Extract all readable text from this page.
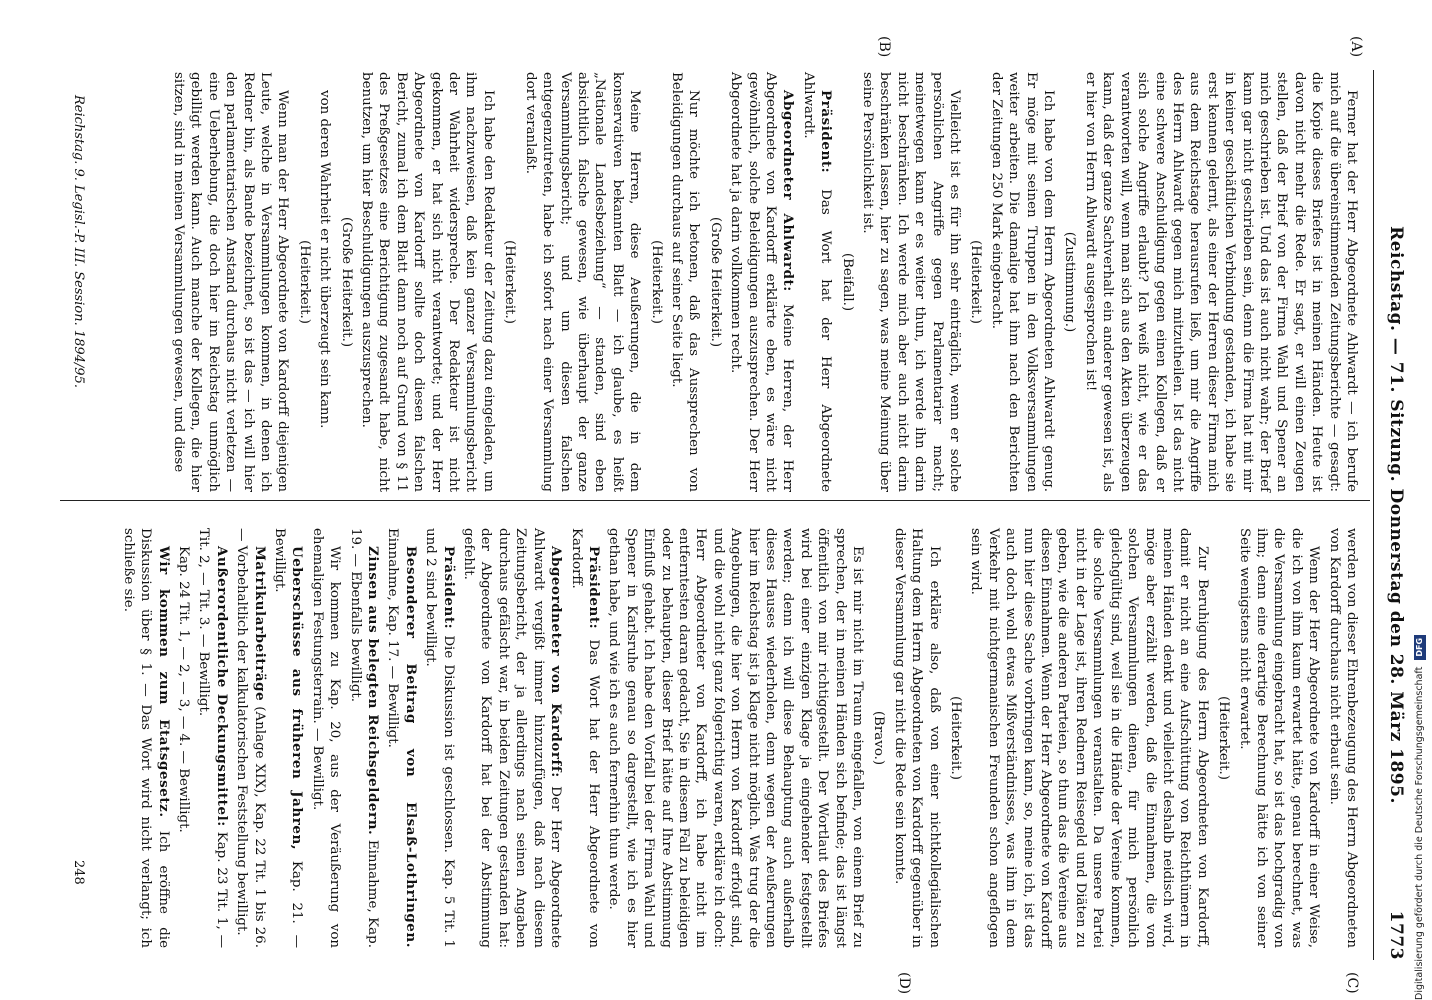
(A)
(B)
(C)
(D)
Reichstag. — 71. Sitzung. Donnerstag den 28. März 1895.
1773

Ferner hat der Herr Abgeordnete Ahlwardt — ich berufe mich auf die übereinstimmenden Zeitungsberichte — gesagt: die Kopie dieses Briefes ist in meinen Händen. Heute ist davon nicht mehr die Rede. Er sagt, er will einen Zeugen stellen, daß der Brief von der Firma Wahl und Spener an mich geschrieben ist. Und das ist auch nicht wahr; der Brief kann gar nicht geschrieben sein, denn die Firma hat mit mir in keiner geschäftlichen Verbindung gestanden, ich habe sie erst kennen gelernt, als einer der Herren dieser Firma mich aus dem Reichstage herausrufen ließ, um mir die Angriffe des Herrn Ahlwardt gegen mich mitzutheilen. Ist das nicht eine schwere Anschuldigung gegen einen Kollegen, daß er sich solche Angriffe erlaubt? Ich weiß nicht, wie er das verantworten will, wenn man sich aus den Akten überzeugen kann, daß der ganze Sachverhalt ein anderer gewesen ist, als er hier von Herrn Ahlwardt ausgesprochen ist!

(Zustimmung.)

Ich habe von dem Herrn Abgeordneten Ahlwardt genug. Er möge mit seinen Truppen in den Volksversammlungen weiter arbeiten. Die damalige hat ihm nach den Berichten der Zeitungen 250 Mark eingebracht.

(Heiterkeit.)

Vielleicht ist es für ihn sehr einträglich, wenn er solche persönlichen Angriffe gegen Parlamentarier macht; meinetwegen kann er es weiter thun, ich werde ihn darin nicht beschränken. Ich werde mich aber auch nicht darin beschränken lassen, hier zu sagen, was meine Meinung über seine Persönlichkeit ist.

(Beifall.)

Präsident: Das Wort hat der Herr Abgeordnete Ahlwardt.

Abgeordneter Ahlwardt: Meine Herren, der Herr Abgeordnete von Kardorff erklärte eben, es wäre nicht gewöhnlich, solche Beleidigungen auszusprechen. Der Herr Abgeordnete hat ja darin vollkommen recht.

(Große Heiterkeit.)

Nur möchte ich betonen, daß das Aussprechen von Beleidigungen durchaus auf seiner Seite liegt.

(Heiterkeit.)

Meine Herren, diese Aeußerungen, die in dem konservativen bekannten Blatt — ich glaube, es heißt „Nationale Landesbeziehung“ — standen, sind eben absichtlich falsche gewesen, wie überhaupt der ganze Versammlungsbericht; und um diesen falschen entgegenzutreten, habe ich sofort nach einer Versammlung dort veranlaßt.

(Heiterkeit.)

Ich habe den Redakteur der Zeitung dazu eingeladen, um ihm nachzuweisen, daß kein ganzer Versammlungsbericht der Wahrheit widerspreche. Der Redakteur ist nicht gekommen, er hat sich nicht verantwortet; und der Herr Abgeordnete von Kardorff sollte doch diesen falschen Bericht, zumal ich dem Blatt dann noch auf Grund von § 11 des Preßgesetzes eine Berichtigung zugesandt habe, nicht benutzen, um hier Beschuldigungen auszusprechen.

(Große Heiterkeit.)

von deren Wahrheit er nicht überzeugt sein kann.

(Heiterkeit.)

Wenn man der Herr Abgeordnete von Kardorff diejenigen Leute, welche in Versammlungen kommen, in denen ich Redner bin, als Bande bezeichnet, so ist das — ich will hier den parlamentarischen Anstand durchaus nicht verletzen — eine Ueberhebung, die doch hier im Reichstag unmöglich gebilligt werden kann. Auch manche der Kollegen, die hier sitzen, sind in meinen Versammlungen gewesen, und diese

werden von dieser Ehrenbezeugung des Herrn Abgeordneten von Kardorff durchaus nicht erbaut sein.

Wenn der Herr Abgeordnete von Kardorff in einer Weise, die ich von ihm kaum erwartet hätte, genau berechnet, was die Versammlung eingebracht hat, so ist das hochgradig von ihm; denn eine derartige Berechnung hätte ich von seiner Seite wenigstens nicht erwartet.

(Heiterkeit.)

Zur Beruhigung des Herrn Abgeordneten von Kardorff, damit er nicht an eine Aufschüttung von Reichthümern in meinen Händen denkt und vielleicht deshalb neidisch wird, möge aber erzählt werden, daß die Einnahmen, die von solchen Versammlungen dienen, für mich persönlich gleichgültig sind, weil sie in die Hände der Vereine kommen, die solche Versammlungen veranstalten. Da unsere Partei nicht in der Lage ist, ihren Rednern Reisegeld und Diäten zu geben, wie die anderen Parteien, so thun das die Vereine aus diesen Einnahmen. Wenn der Herr Abgeordnete von Kardorff nun hier diese Sache vorbringen kann, so, meine ich, ist das auch doch wohl etwas Mißverständnisses, was ihm in dem Verkehr mit nichtgermanischen Freunden schon angeflogen sein wird.

(Heiterkeit.)

Ich erkläre also, daß von einer nichtkollegialischen Haltung dem Herrn Abgeordneten von Kardorff gegenüber in dieser Versammlung gar nicht die Rede sein konnte.

(Bravo.)

Es ist mir nicht im Traum eingefallen, von einem Brief zu sprechen, der in meinen Händen sich befinde; das ist längst öffentlich von mir richtiggestellt. Der Wortlaut des Briefes wird bei einer einzigen Klage ja eingehender festgestellt werden; denn ich will diese Behauptung auch außerhalb dieses Hauses wiederholen, denn wegen der Aeußerungen hier im Reichstag ist ja Klage nicht möglich. Was trug der die Angebungen, die hier von Herrn von Kardorff erfolgt sind, und die wohl nicht ganz folgerichtig waren, erkläre ich doch: Herr Abgeordneter von Kardorff, ich habe nicht im entferntesten daran gedacht, Sie in diesem Fall zu beleidigen oder zu behaupten, dieser Brief hätte auf Ihre Abstimmung Einfluß gehabt. Ich habe den Vorfall bei der Firma Wahl und Spener in Karlsruhe genau so dargestellt, wie ich es hier gethan habe, und wie ich es auch fernerhin thun werde.

Präsident: Das Wort hat der Herr Abgeordnete von Kardorff.

Abgeordneter von Kardorff: Der Herr Abgeordnete Ahlwardt vergißt immer hinzuzufügen, daß nach diesem Zeitungsbericht, der ja allerdings nach seinen Angaben durchaus gefälscht war, in beiden Zeitungen gestanden hat: der Abgeordnete von Kardorff hat bei der Abstimmung gefehlt.

Präsident: Die Diskussion ist geschlossen. Kap. 5 Tit. 1 und 2 sind bewilligt.

Besonderer Beitrag von Elsaß-Lothringen. Einnahme, Kap. 17. — Bewilligt.

Zinsen aus belegten Reichsgeldern. Einnahme, Kap. 19. — Ebenfalls bewilligt.

Wir kommen zu Kap. 20, aus der Veräußerung von ehemaligen Festungsterrain. — Bewilligt.

Ueberschüsse aus früheren Jahren, Kap. 21. — Bewilligt.

Matrikularbeiträge (Anlage XIX), Kap. 22 Tit. 1 bis 26. — Vorbehaltlich der kalkulatorischen Feststellung bewilligt.

Außerordentliche Deckungsmittel: Kap. 23 Tit. 1, — Tit. 2, — Tit. 3. — Bewilligt.

Kap. 24 Tit. 1, — 2, — 3, — 4. — Bewilligt.

Wir kommen zum Etatsgesetz. Ich eröffne die Diskussion über § 1. — Das Wort wird nicht verlangt; ich schließe sie.

Reichstag. 9. Legisl.-P. III. Session. 1894/95.
248	Digitalisierung gefördert durch die Deutsche Forschungsgemeinschaft DFG
